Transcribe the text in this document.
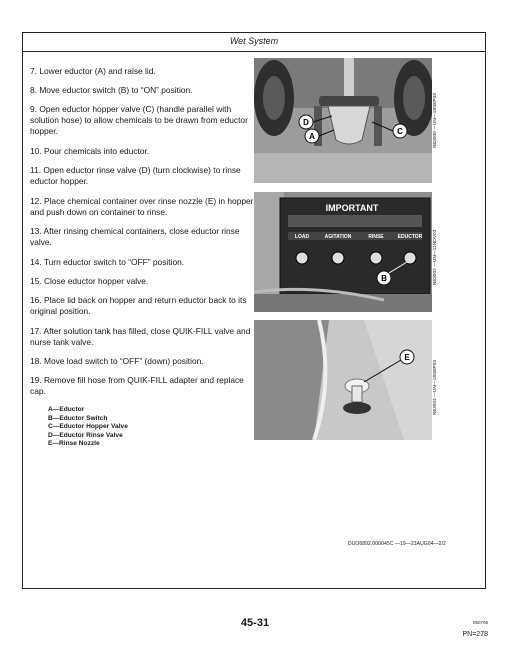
Wet System
7. Lower eductor (A) and raise lid.
8. Move eductor switch (B) to “ON” position.
9. Open eductor hopper valve (C) (handle parallel with solution hose) to allow chemicals to be drawn from eductor hopper.
10. Pour chemicals into eductor.
11. Open eductor rinse valve (D) (turn clockwise) to rinse eductor hopper.
12. Place chemical container over rinse nozzle (E) in hopper and push down on container to rinse.
13. After rinsing chemical containers, close eductor rinse valve.
14. Turn eductor switch to “OFF” position.
15. Close eductor hopper valve.
16. Place lid back on hopper and return eductor back to its original position.
17. After solution tank has filled, close QUIK-FILL valve and nurse tank valve.
18. Move load switch to “OFF” (down) position.
19. Remove fill hose from QUIK-FILL adapter and replace cap.
A—Eductor
B—Eductor Switch
C—Eductor Hopper Valve
D—Eductor Rinse Valve
E—Rinse Nozzle
D
A
C	N63000 —UN—18SEP03
IMPORTANT
LOAD	AGITATION	RINSE	EDUCTOR
B	N63002 —UN—11NOV03
E
N63004 —UN—18SEP03
DUO6892,000045C —19—23AUG04—2/2
45-31	050706
PN=278
